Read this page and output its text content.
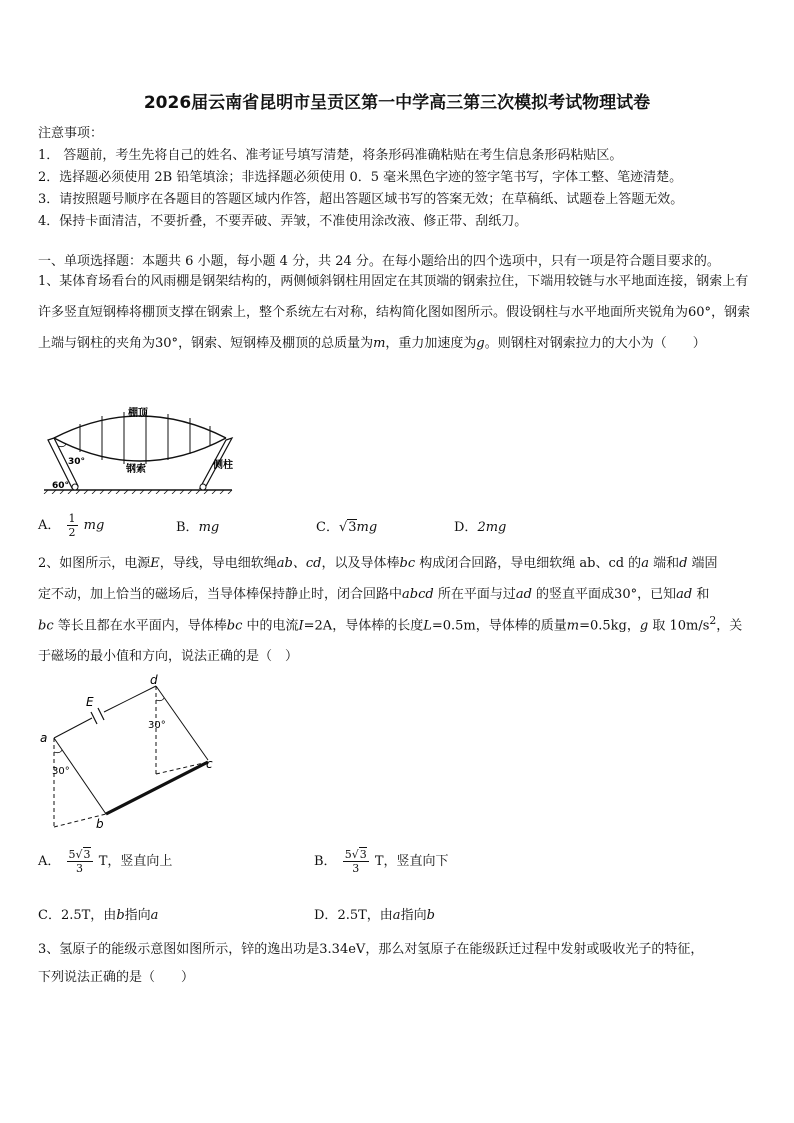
2026届云南省昆明市呈贡区第一中学高三第三次模拟考试物理试卷
注意事项：
1． 答题前，考生先将自己的姓名、准考证号填写清楚，将条形码准确粘贴在考生信息条形码粘贴区。
2．选择题必须使用 2B 铅笔填涂；非选择题必须使用 0．5 毫米黑色字迹的签字笔书写，字体工整、笔迹清楚。
3．请按照题号顺序在各题目的答题区域内作答，超出答题区域书写的答案无效；在草稿纸、试题卷上答题无效。
4．保持卡面清洁，不要折叠，不要弄破、弄皱，不准使用涂改液、修正带、刮纸刀。
一、单项选择题：本题共 6 小题，每小题 4 分，共 24 分。在每小题给出的四个选项中，只有一项是符合题目要求的。
1、某体育场看台的风雨棚是钢架结构的，两侧倾斜钢柱用固定在其顶端的钢索拉住，下端用较链与水平地面连接，钢索上有许多竖直短钢棒将棚顶支撑在钢索上，整个系统左右对称，结构简化图如图所示。假设钢柱与水平地面所夹锐角为60°，钢索上端与钢柱的夹角为30°，钢索、短钢棒及棚顶的总质量为m，重力加速度为g。则钢柱对钢索拉力的大小为（　　）
棚顶
钢索	侧柱
30°
60°
A． $\frac{1}{2}$ mg	B．mg	C．√3mg	D．2mg
2、如图所示，电源E，导线，导电细软绳ab、cd，以及导体棒bc 构成闭合回路，导电细软绳 ab、cd 的a 端和d 端固
定不动，加上恰当的磁场后，当导体棒保持静止时，闭合回路中abcd 所在平面与过ad 的竖直平面成30°，已知ad 和
bc 等长且都在水平面内，导体棒bc 中的电流I=2A，导体棒的长度L=0.5m，导体棒的质量m=0.5kg，g 取 $10m/s^2$，关
于磁场的最小值和方向，说法正确的是（　）
E
a
b
c
d
30°
30°
A． $\frac{5√3}{3}$ T，竖直向上	B． $\frac{5√3}{3}$ T，竖直向下
C．2.5T，由b指向a	D．2.5T，由a指向b
3、氢原子的能级示意图如图所示，锌的逸出功是3.34eV，那么对氢原子在能级跃迁过程中发射或吸收光子的特征，
下列说法正确的是（　　）
